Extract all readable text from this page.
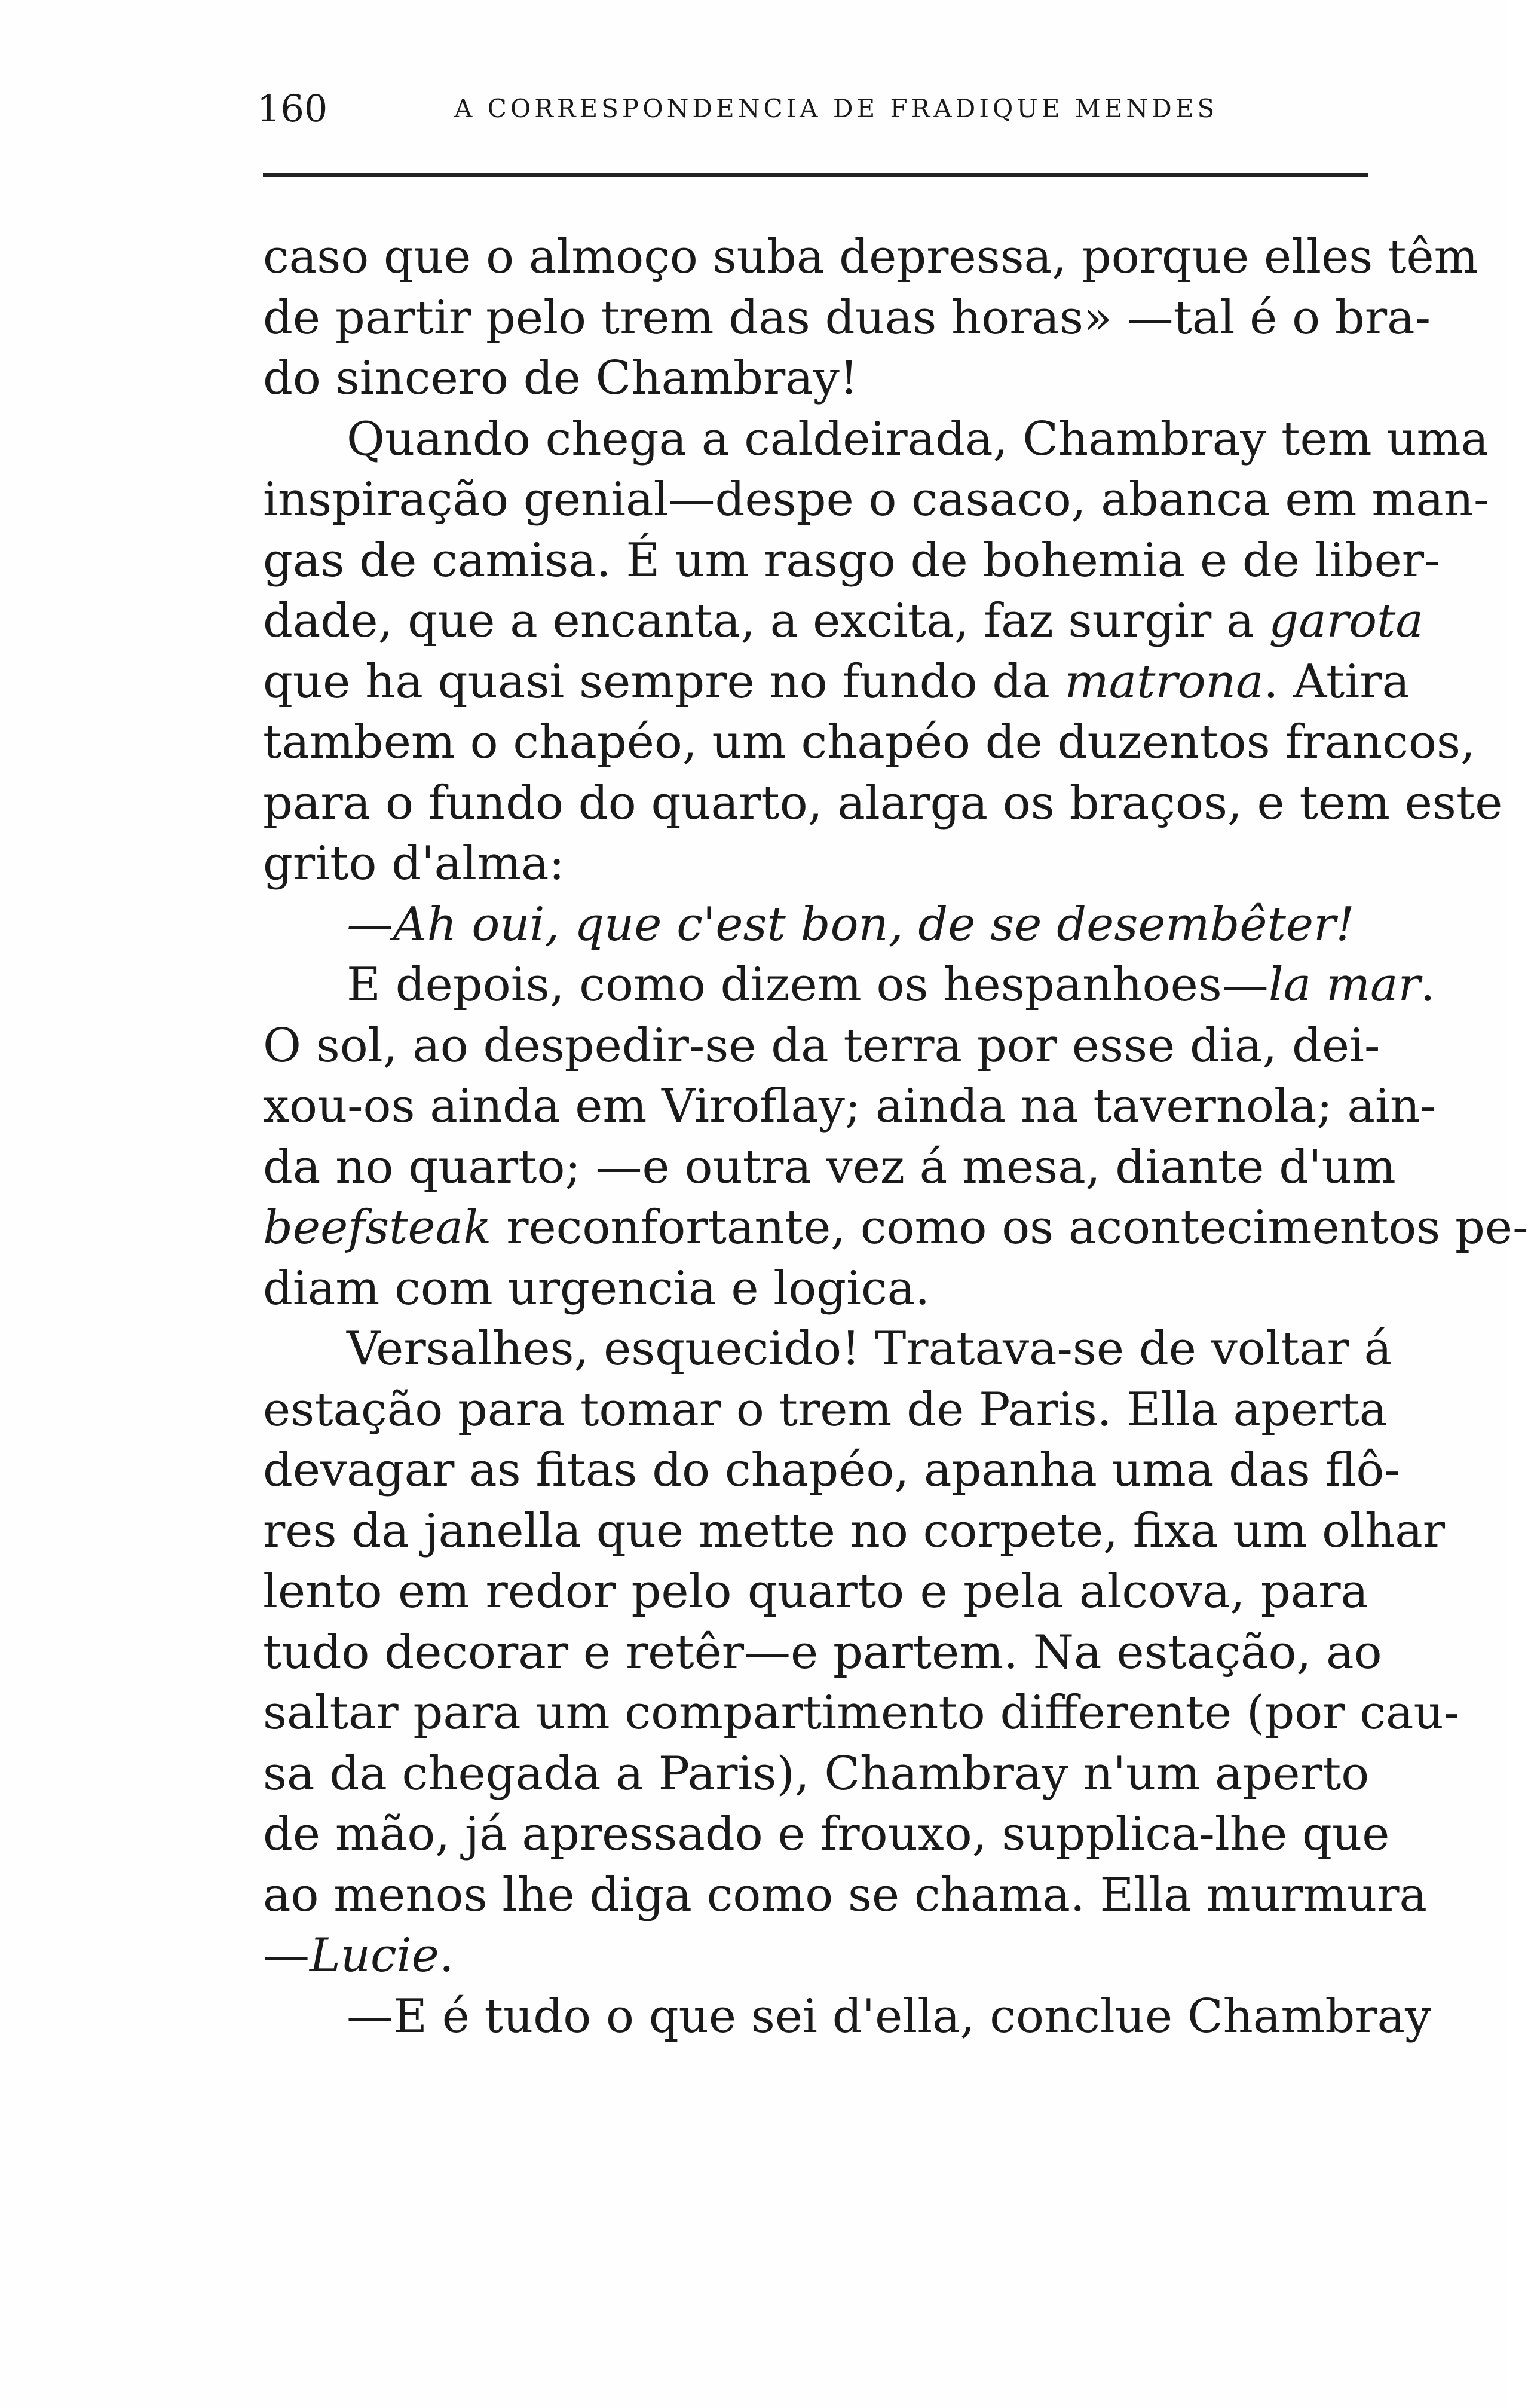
160	A CORRESPONDENCIA DE FRADIQUE MENDES
caso que o almoço suba depressa, porque elles têm
de partir pelo trem das duas horas» —tal é o bra-
do sincero de Chambray!
Quando chega a caldeirada, Chambray tem uma
inspiração genial—despe o casaco, abanca em man-
gas de camisa. É um rasgo de bohemia e de liber-
dade, que a encanta, a excita, faz surgir a garota
que ha quasi sempre no fundo da matrona. Atira
tambem o chapéo, um chapéo de duzentos francos,
para o fundo do quarto, alarga os braços, e tem este
grito d'alma:
—Ah oui, que c'est bon, de se desembêter!
E depois, como dizem os hespanhoes—la mar.
O sol, ao despedir-se da terra por esse dia, dei-
xou-os ainda em Viroflay; ainda na tavernola; ain-
da no quarto; —e outra vez á mesa, diante d'um
beefsteak reconfortante, como os acontecimentos pe-
diam com urgencia e logica.
Versalhes, esquecido! Tratava-se de voltar á
estação para tomar o trem de Paris. Ella aperta
devagar as fitas do chapéo, apanha uma das flô-
res da janella que mette no corpete, fixa um olhar
lento em redor pelo quarto e pela alcova, para
tudo decorar e retêr—e partem. Na estação, ao
saltar para um compartimento differente (por cau-
sa da chegada a Paris), Chambray n'um aperto
de mão, já apressado e frouxo, supplica-lhe que
ao menos lhe diga como se chama. Ella murmura
—Lucie.
—E é tudo o que sei d'ella, conclue Chambray
